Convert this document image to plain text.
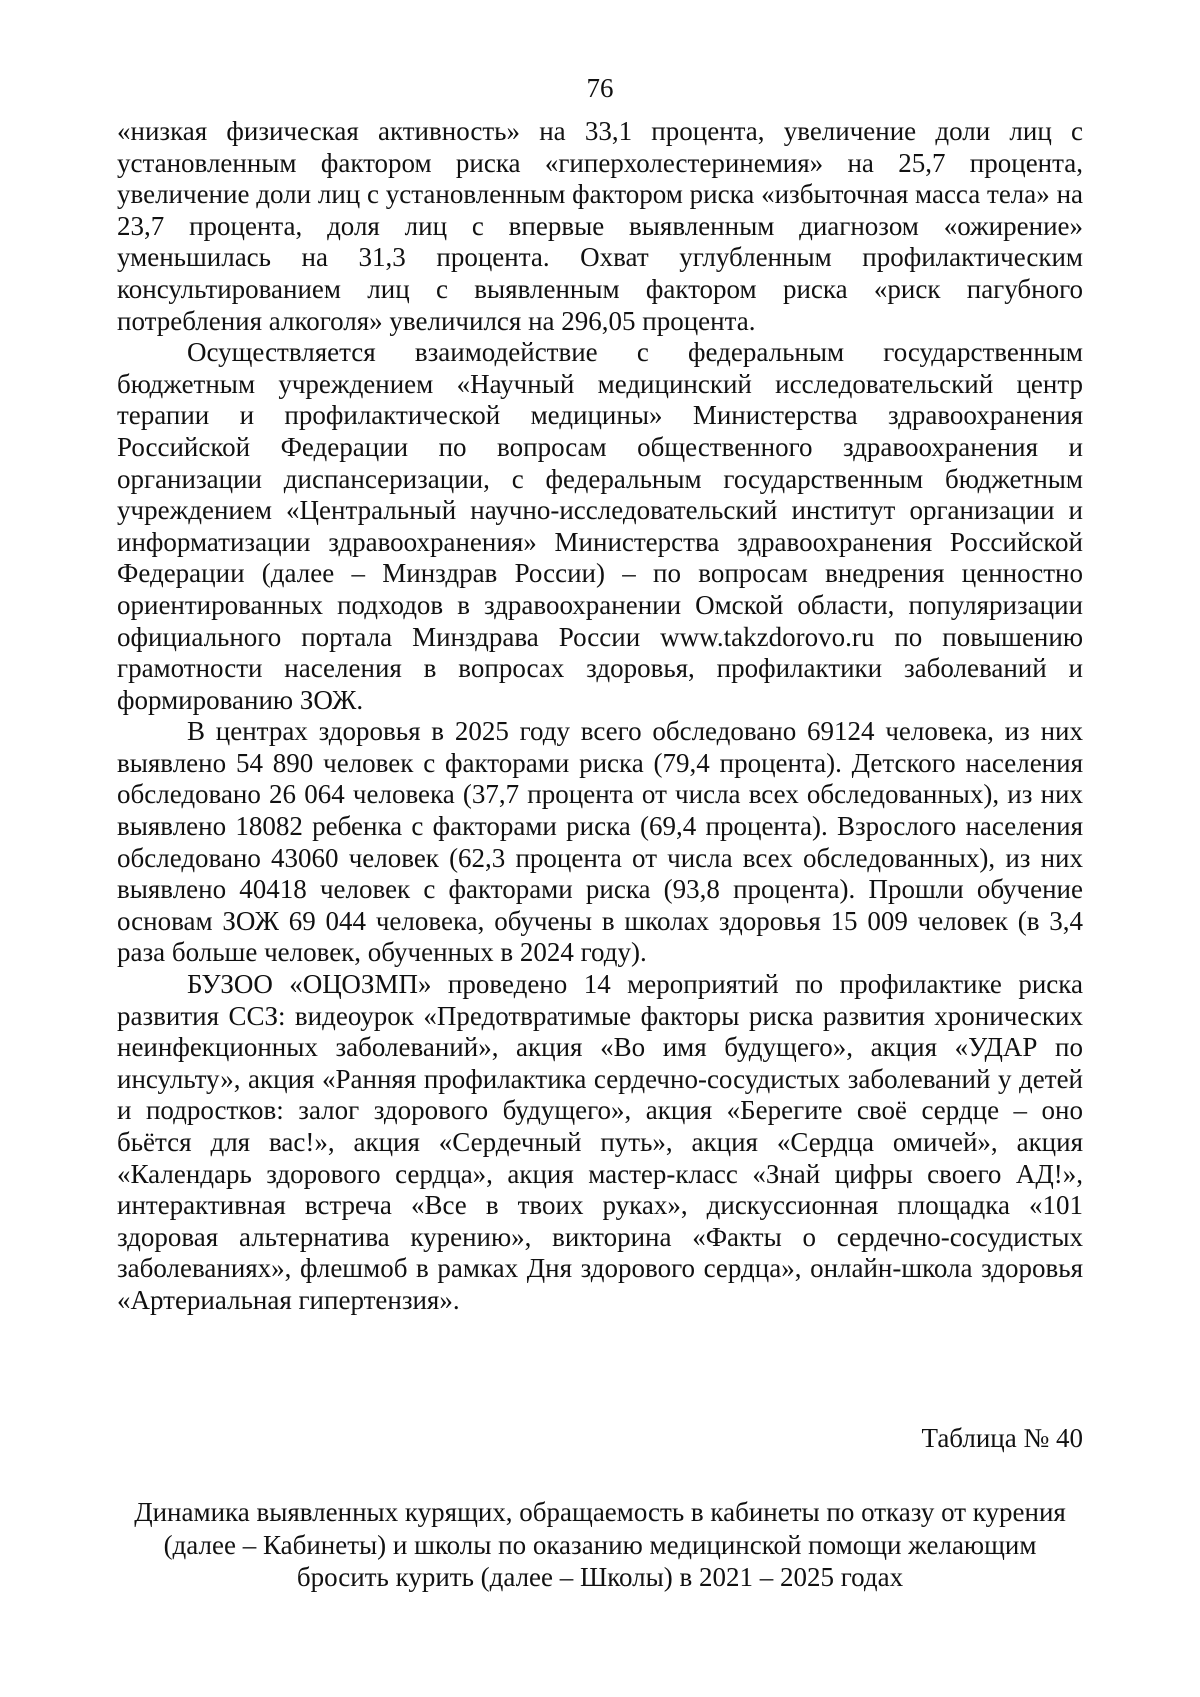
76

«низкая физическая активность» на 33,1 процента, увеличение доли лиц с установленным фактором риска «гиперхолестеринемия» на 25,7 процента, увеличение доли лиц с установленным фактором риска «избыточная масса тела» на 23,7 процента, доля лиц с впервые выявленным диагнозом «ожирение» уменьшилась на 31,3 процента. Охват углубленным профилактическим консультированием лиц с выявленным фактором риска «риск пагубного потребления алкоголя» увеличился на 296,05 процента.

Осуществляется взаимодействие с федеральным государственным бюджетным учреждением «Научный медицинский исследовательский центр терапии и профилактической медицины» Министерства здравоохранения Российской Федерации по вопросам общественного здравоохранения и организации диспансеризации, с федеральным государственным бюджетным учреждением «Центральный научно-исследовательский институт организации и информатизации здравоохранения» Министерства здравоохранения Российской Федерации (далее – Минздрав России) – по вопросам внедрения ценностно ориентированных подходов в здравоохранении Омской области, популяризации официального портала Минздрава России www.takzdorovo.ru по повышению грамотности населения в вопросах здоровья, профилактики заболеваний и формированию ЗОЖ.

В центрах здоровья в 2025 году всего обследовано 69124 человека, из них выявлено 54 890 человек с факторами риска (79,4 процента). Детского населения обследовано 26 064 человека (37,7 процента от числа всех обследованных), из них выявлено 18082 ребенка с факторами риска (69,4 процента). Взрослого населения обследовано 43060 человек (62,3 процента от числа всех обследованных), из них выявлено 40418 человек с факторами риска (93,8 процента). Прошли обучение основам ЗОЖ 69 044 человека, обучены в школах здоровья 15 009 человек (в 3,4 раза больше человек, обученных в 2024 году).

БУЗОО «ОЦОЗМП» проведено 14 мероприятий по профилактике риска развития ССЗ: видеоурок «Предотвратимые факторы риска развития хронических неинфекционных заболеваний», акция «Во имя будущего», акция «УДАР по инсульту», акция «Ранняя профилактика сердечно-сосудистых заболеваний у детей и подростков: залог здорового будущего», акция «Берегите своё сердце – оно бьётся для вас!», акция «Сердечный путь», акция «Сердца омичей», акция «Календарь здорового сердца», акция мастер-класс «Знай цифры своего АД!», интерактивная встреча «Все в твоих руках», дискуссионная площадка «101 здоровая альтернатива курению», викторина «Факты о сердечно-сосудистых заболеваниях», флешмоб в рамках Дня здорового сердца», онлайн-школа здоровья «Артериальная гипертензия».

Таблица № 40

Динамика выявленных курящих, обращаемость в кабинеты по отказу от курения (далее – Кабинеты) и школы по оказанию медицинской помощи желающим бросить курить (далее – Школы) в 2021 – 2025 годах
